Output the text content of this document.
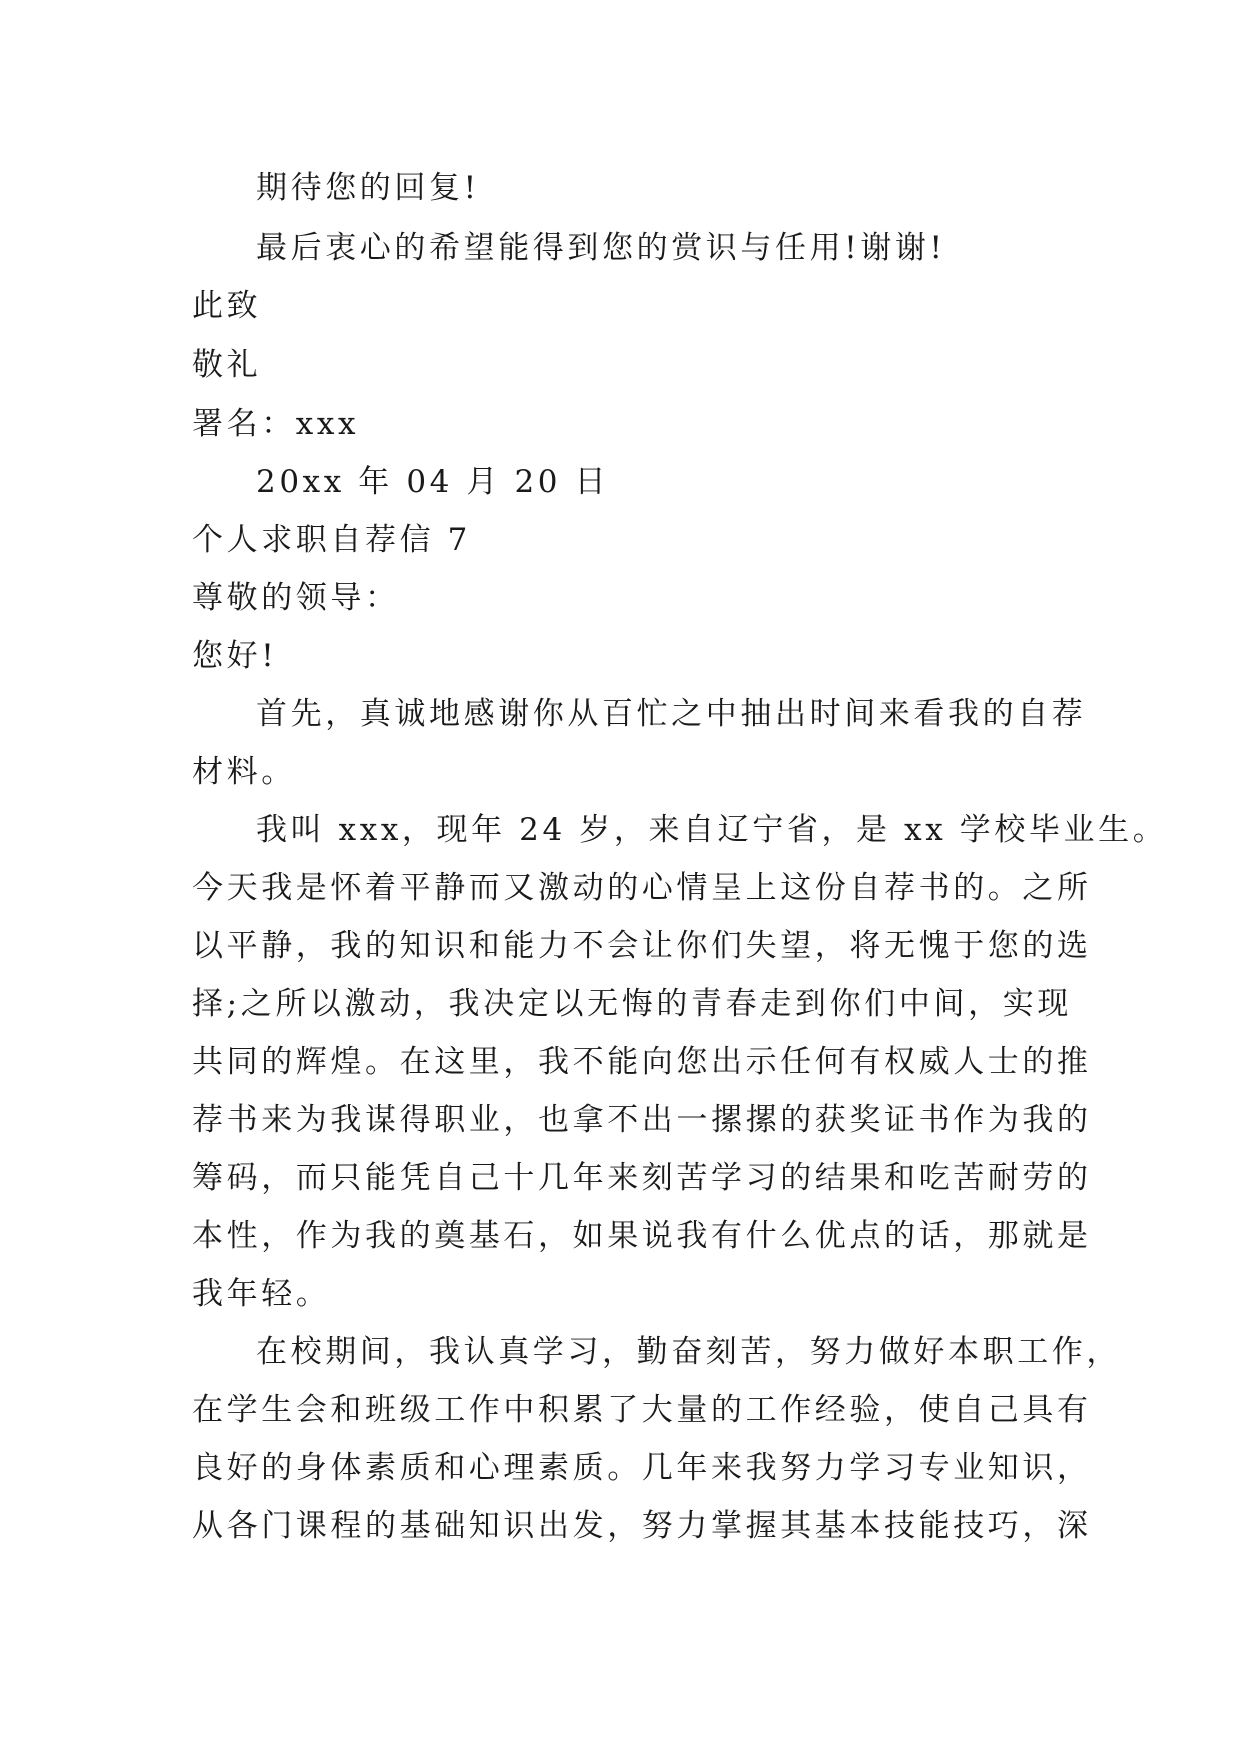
期待您的回复!
最后衷心的希望能得到您的赏识与任用!谢谢!
此致
敬礼
署名：xxx
20xx 年 04 月 20 日
个人求职自荐信 7
尊敬的领导：
您好!
首先，真诚地感谢你从百忙之中抽出时间来看我的自荐
材料。
我叫 xxx，现年 24 岁，来自辽宁省，是 xx 学校毕业生。
今天我是怀着平静而又激动的心情呈上这份自荐书的。之所
以平静，我的知识和能力不会让你们失望，将无愧于您的选
择;之所以激动，我决定以无悔的青春走到你们中间，实现
共同的辉煌。在这里，我不能向您出示任何有权威人士的推
荐书来为我谋得职业，也拿不出一摞摞的获奖证书作为我的
筹码，而只能凭自己十几年来刻苦学习的结果和吃苦耐劳的
本性，作为我的奠基石，如果说我有什么优点的话，那就是
我年轻。
在校期间，我认真学习，勤奋刻苦，努力做好本职工作，
在学生会和班级工作中积累了大量的工作经验，使自己具有
良好的身体素质和心理素质。几年来我努力学习专业知识，
从各门课程的基础知识出发，努力掌握其基本技能技巧，深
